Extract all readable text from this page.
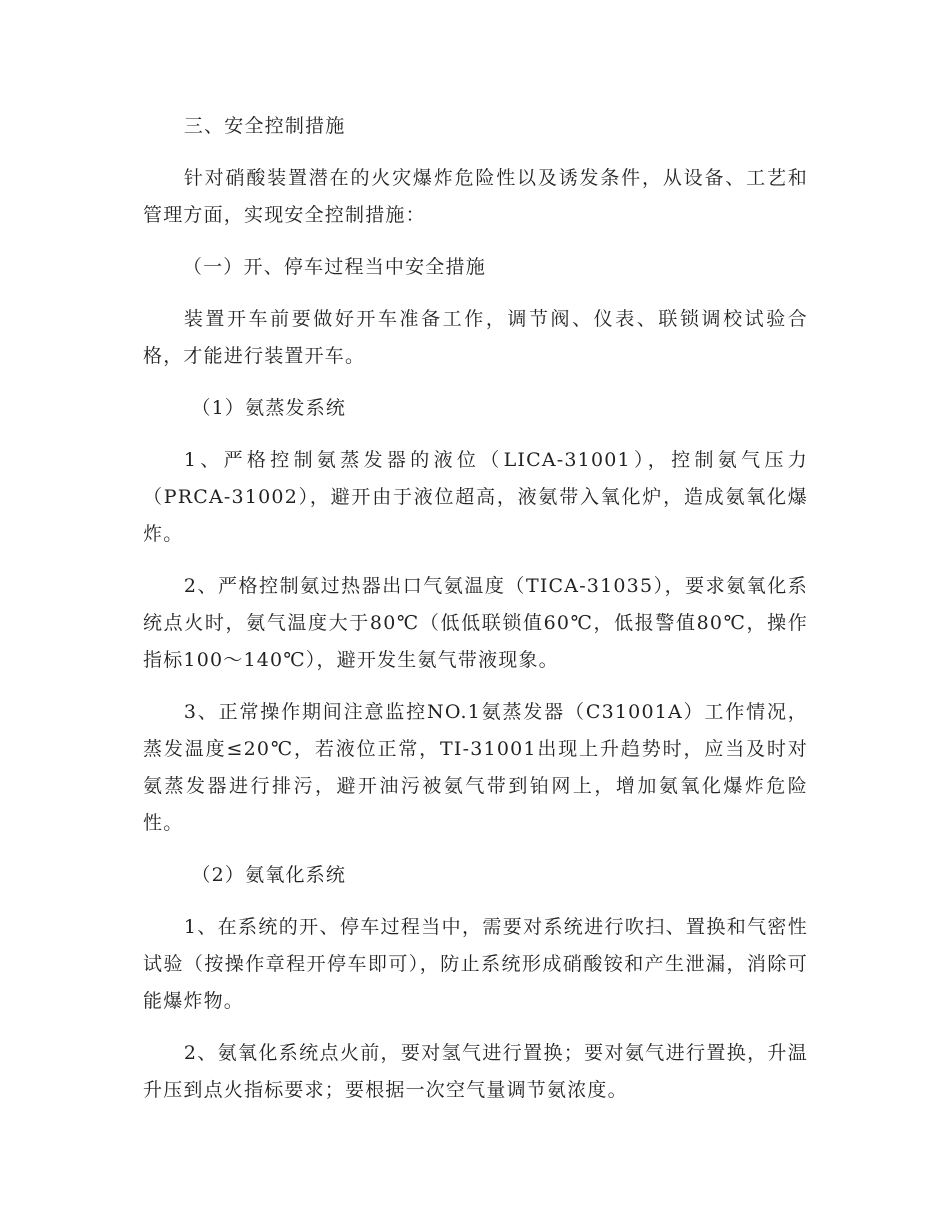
三、安全控制措施

针对硝酸装置潜在的火灾爆炸危险性以及诱发条件，从设备、工艺和管理方面，实现安全控制措施：

（一）开、停车过程当中安全措施

装置开车前要做好开车准备工作，调节阀、仪表、联锁调校试验合格，才能进行装置开车。

（1）氨蒸发系统

1、严格控制氨蒸发器的液位（LICA-31001），控制氨气压力（PRCA-31002），避开由于液位超高，液氨带入氧化炉，造成氨氧化爆炸。

2、严格控制氨过热器出口气氨温度（TICA-31035），要求氨氧化系统点火时，氨气温度大于80℃（低低联锁值60℃，低报警值80℃，操作指标100～140℃），避开发生氨气带液现象。

3、正常操作期间注意监控NO.1氨蒸发器（C31001A）工作情况，蒸发温度≤20℃，若液位正常，TI-31001出现上升趋势时，应当及时对氨蒸发器进行排污，避开油污被氨气带到铂网上，增加氨氧化爆炸危险性。

（2）氨氧化系统

1、在系统的开、停车过程当中，需要对系统进行吹扫、置换和气密性试验（按操作章程开停车即可），防止系统形成硝酸铵和产生泄漏，消除可能爆炸物。

2、氨氧化系统点火前，要对氢气进行置换；要对氨气进行置换，升温升压到点火指标要求；要根据一次空气量调节氨浓度。
